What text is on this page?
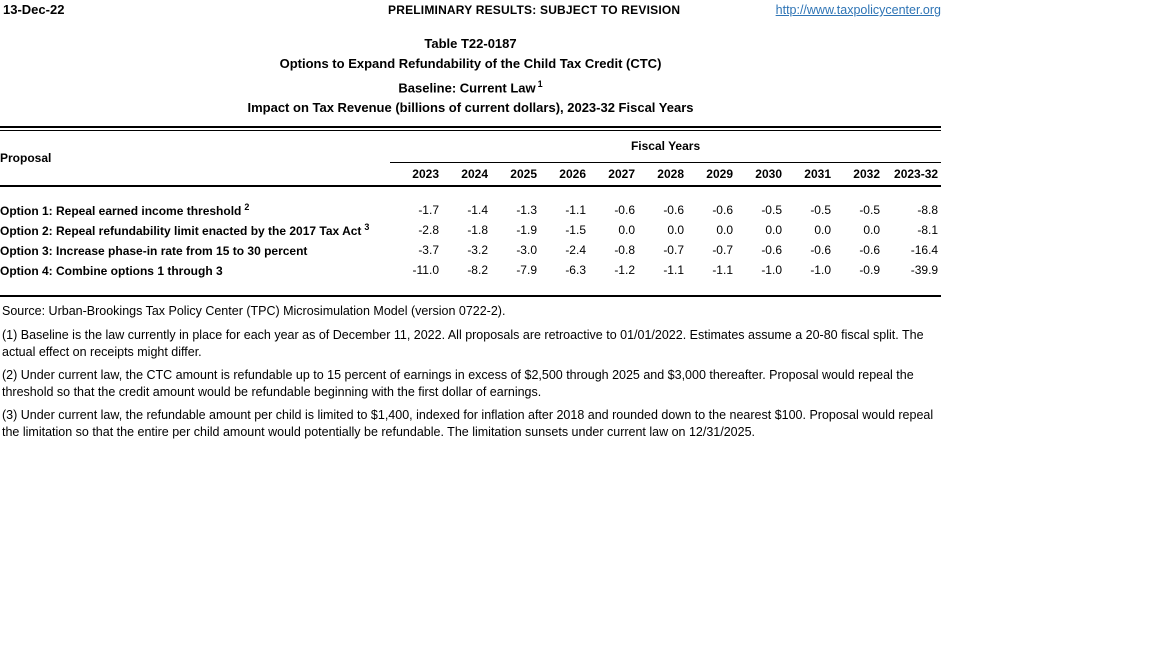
13-Dec-22	PRELIMINARY RESULTS: SUBJECT TO REVISION	http://www.taxpolicycenter.org
Table T22-0187
Options to Expand Refundability of the Child Tax Credit (CTC)
Baseline: Current Law $^1$
Impact on Tax Revenue (billions of current dollars), 2023-32 Fiscal Years
Proposal	Fiscal Years										
	2023	2024	2025	2026	2027	2028	2029	2030	2031	2032	2023-32

Option 1: Repeal earned income threshold $^2$	-1.7	-1.4	-1.3	-1.1	-0.6	-0.6	-0.6	-0.5	-0.5	-0.5	-8.8
Option 2: Repeal refundability limit enacted by the 2017 Tax Act $^3$	-2.8	-1.8	-1.9	-1.5	0.0	0.0	0.0	0.0	0.0	0.0	-8.1
Option 3: Increase phase-in rate from 15 to 30 percent	-3.7	-3.2	-3.0	-2.4	-0.8	-0.7	-0.7	-0.6	-0.6	-0.6	-16.4
Option 4: Combine options 1 through 3	-11.0	-8.2	-7.9	-6.3	-1.2	-1.1	-1.1	-1.0	-1.0	-0.9	-39.9

Source: Urban-Brookings Tax Policy Center (TPC) Microsimulation Model (version 0722-2).
(1) Baseline is the law currently in place for each year as of December 11, 2022. All proposals are retroactive to 01/01/2022. Estimates assume a 20-80 fiscal split. The actual effect on receipts might differ.
(2) Under current law, the CTC amount is refundable up to 15 percent of earnings in excess of $2,500 through 2025 and $3,000 thereafter. Proposal would repeal the threshold so that the credit amount would be refundable beginning with the first dollar of earnings.
(3) Under current law, the refundable amount per child is limited to $1,400, indexed for inflation after 2018 and rounded down to the nearest $100. Proposal would repeal the limitation so that the entire per child amount would potentially be refundable. The limitation sunsets under current law on 12/31/2025.
